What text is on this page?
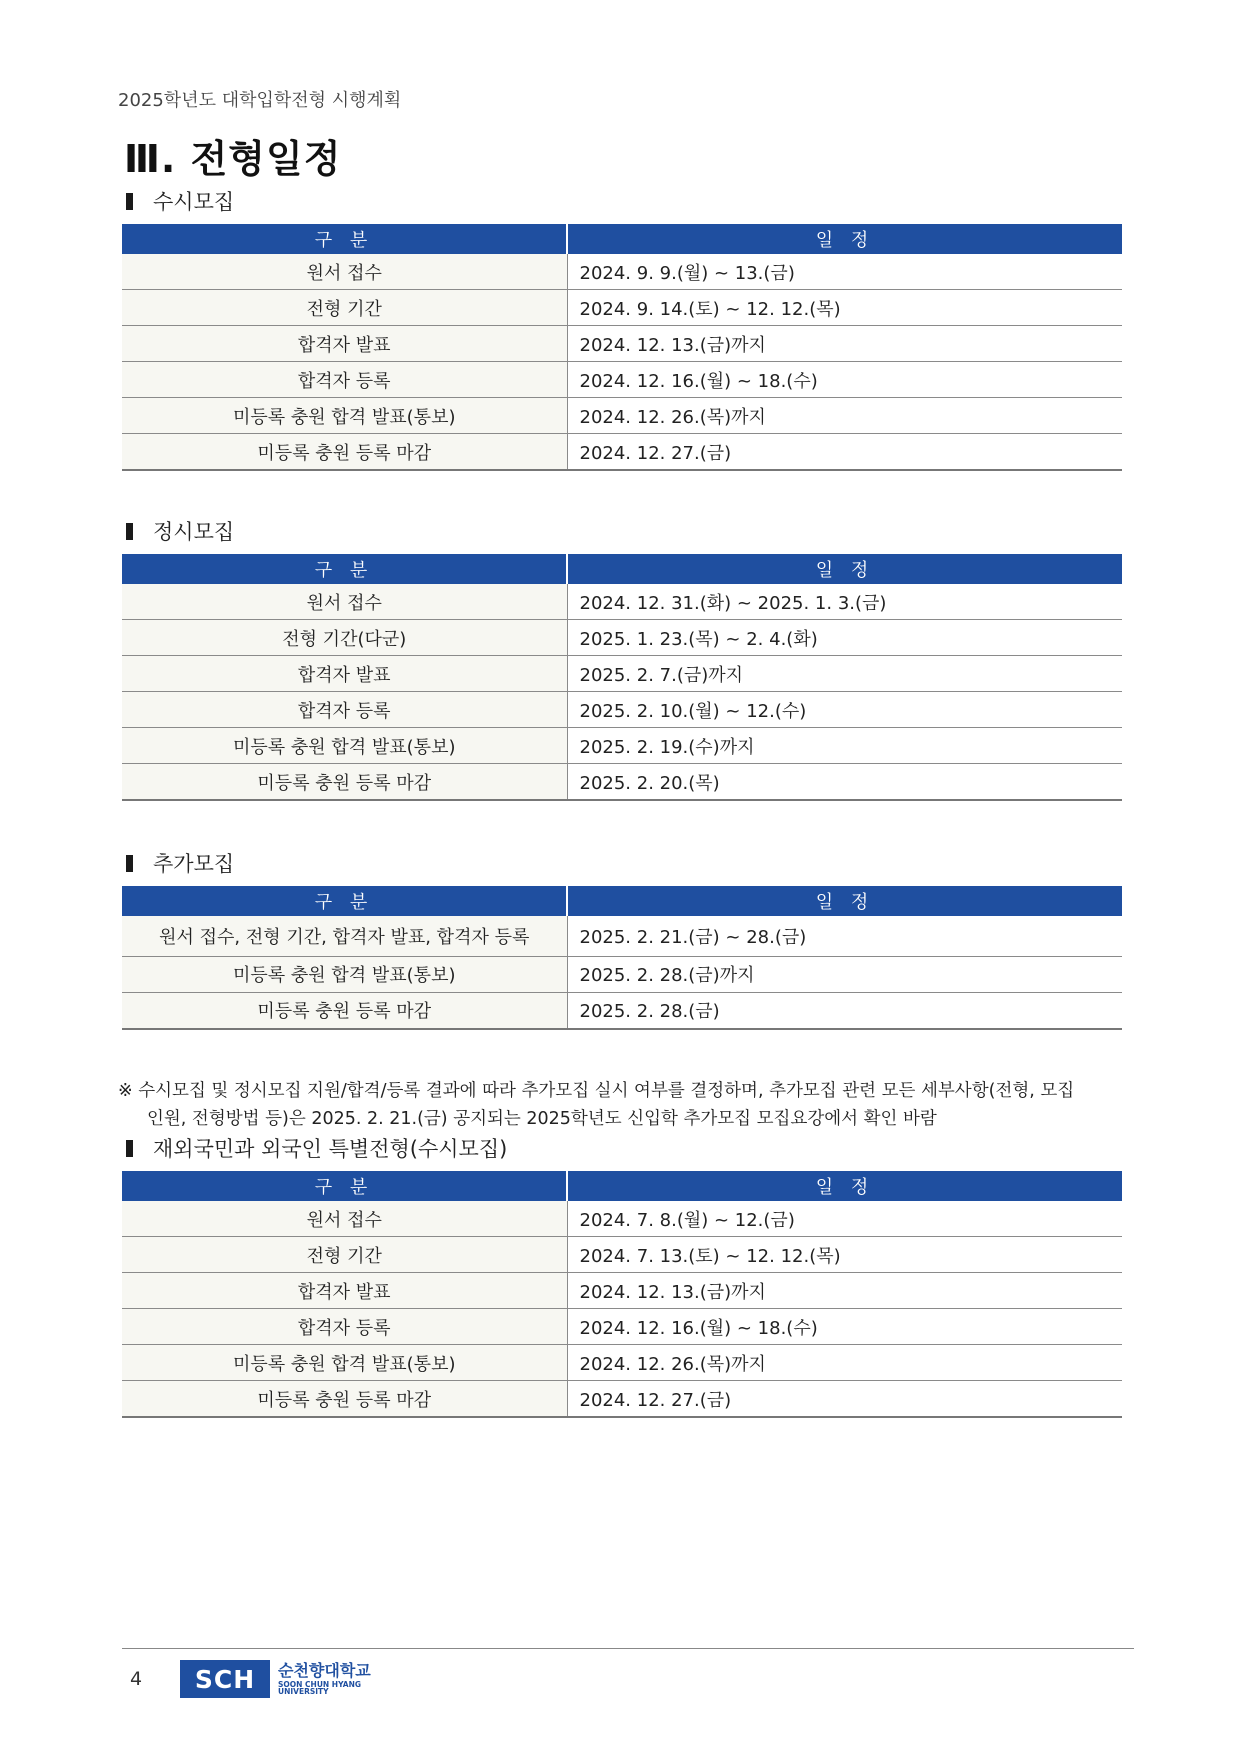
2025학년도 대학입학전형 시행계획
Ⅲ. 전형일정
수시모집
구 분	일 정
원서 접수	2024. 9. 9.(월) ~ 13.(금)
전형 기간	2024. 9. 14.(토) ~ 12. 12.(목)
합격자 발표	2024. 12. 13.(금)까지
합격자 등록	2024. 12. 16.(월) ~ 18.(수)
미등록 충원 합격 발표(통보)	2024. 12. 26.(목)까지
미등록 충원 등록 마감	2024. 12. 27.(금)
정시모집
구 분	일 정
원서 접수	2024. 12. 31.(화) ~ 2025. 1. 3.(금)
전형 기간(다군)	2025. 1. 23.(목) ~ 2. 4.(화)
합격자 발표	2025. 2. 7.(금)까지
합격자 등록	2025. 2. 10.(월) ~ 12.(수)
미등록 충원 합격 발표(통보)	2025. 2. 19.(수)까지
미등록 충원 등록 마감	2025. 2. 20.(목)
추가모집
구 분	일 정
원서 접수, 전형 기간, 합격자 발표, 합격자 등록	2025. 2. 21.(금) ~ 28.(금)
미등록 충원 합격 발표(통보)	2025. 2. 28.(금)까지
미등록 충원 등록 마감	2025. 2. 28.(금)
※ 수시모집 및 정시모집 지원/합격/등록 결과에 따라 추가모집 실시 여부를 결정하며, 추가모집 관련 모든 세부사항(전형, 모집
인원, 전형방법 등)은 2025. 2. 21.(금) 공지되는 2025학년도 신입학 추가모집 모집요강에서 확인 바람
재외국민과 외국인 특별전형(수시모집)
구 분	일 정
원서 접수	2024. 7. 8.(월) ~ 12.(금)
전형 기간	2024. 7. 13.(토) ~ 12. 12.(목)
합격자 발표	2024. 12. 13.(금)까지
합격자 등록	2024. 12. 16.(월) ~ 18.(수)
미등록 충원 합격 발표(통보)	2024. 12. 26.(목)까지
미등록 충원 등록 마감	2024. 12. 27.(금)
4	SCH	순천향대학교
SOON CHUN HYANG
UNIVERSITY
